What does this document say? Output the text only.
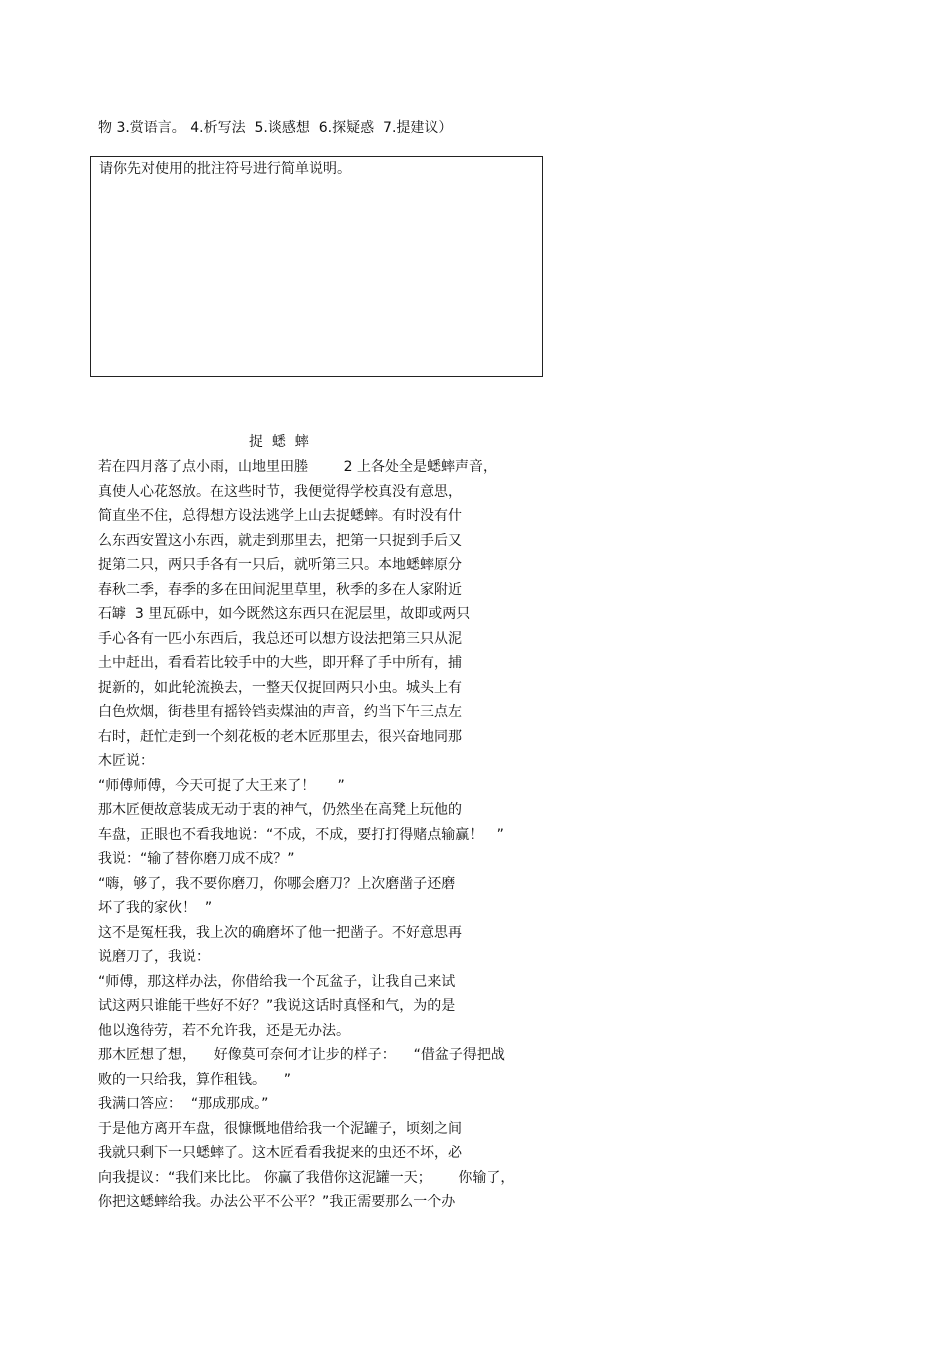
物 3.赏语言。 4.析写法  5.谈感想  6.探疑惑  7.提建议）
请你先对使用的批注符号进行简单说明。
捉  蟋  蟀
若在四月落了点小雨，山地里田塍        2 上各处全是蟋蟀声音，
真使人心花怒放。在这些时节，我便觉得学校真没有意思，
简直坐不住，总得想方设法逃学上山去捉蟋蟀。有时没有什
么东西安置这小东西，就走到那里去，把第一只捉到手后又
捉第二只，两只手各有一只后，就听第三只。本地蟋蟀原分
春秋二季，春季的多在田间泥里草里，秋季的多在人家附近
石罅  3 里瓦砾中，如今既然这东西只在泥层里，故即或两只
手心各有一匹小东西后，我总还可以想方设法把第三只从泥
土中赶出，看看若比较手中的大些，即开释了手中所有，捕
捉新的，如此轮流换去，一整天仅捉回两只小虫。城头上有
白色炊烟，街巷里有摇铃铛卖煤油的声音，约当下午三点左
右时，赶忙走到一个刻花板的老木匠那里去，很兴奋地同那
木匠说：
“师傅师傅，今天可捉了大王来了！     ”
那木匠便故意装成无动于衷的神气，仍然坐在高凳上玩他的
车盘，正眼也不看我地说：“不成，不成，要打打得赌点输赢！   ”
我说：“输了替你磨刀成不成？”
“嗨，够了，我不要你磨刀，你哪会磨刀？上次磨凿子还磨
坏了我的家伙！  ”
这不是冤枉我，我上次的确磨坏了他一把凿子。不好意思再
说磨刀了，我说：
“师傅，那这样办法，你借给我一个瓦盆子，让我自己来试
试这两只谁能干些好不好？”我说这话时真怪和气，为的是
他以逸待劳，若不允许我，还是无办法。
那木匠想了想，    好像莫可奈何才让步的样子：    “借盆子得把战
败的一只给我，算作租钱。    ”
我满口答应：  “那成那成。”
于是他方离开车盘，很慷慨地借给我一个泥罐子，顷刻之间
我就只剩下一只蟋蟀了。这木匠看看我捉来的虫还不坏，必
向我提议：“我们来比比。 你赢了我借你这泥罐一天；      你输了，
你把这蟋蟀给我。办法公平不公平？”我正需要那么一个办
